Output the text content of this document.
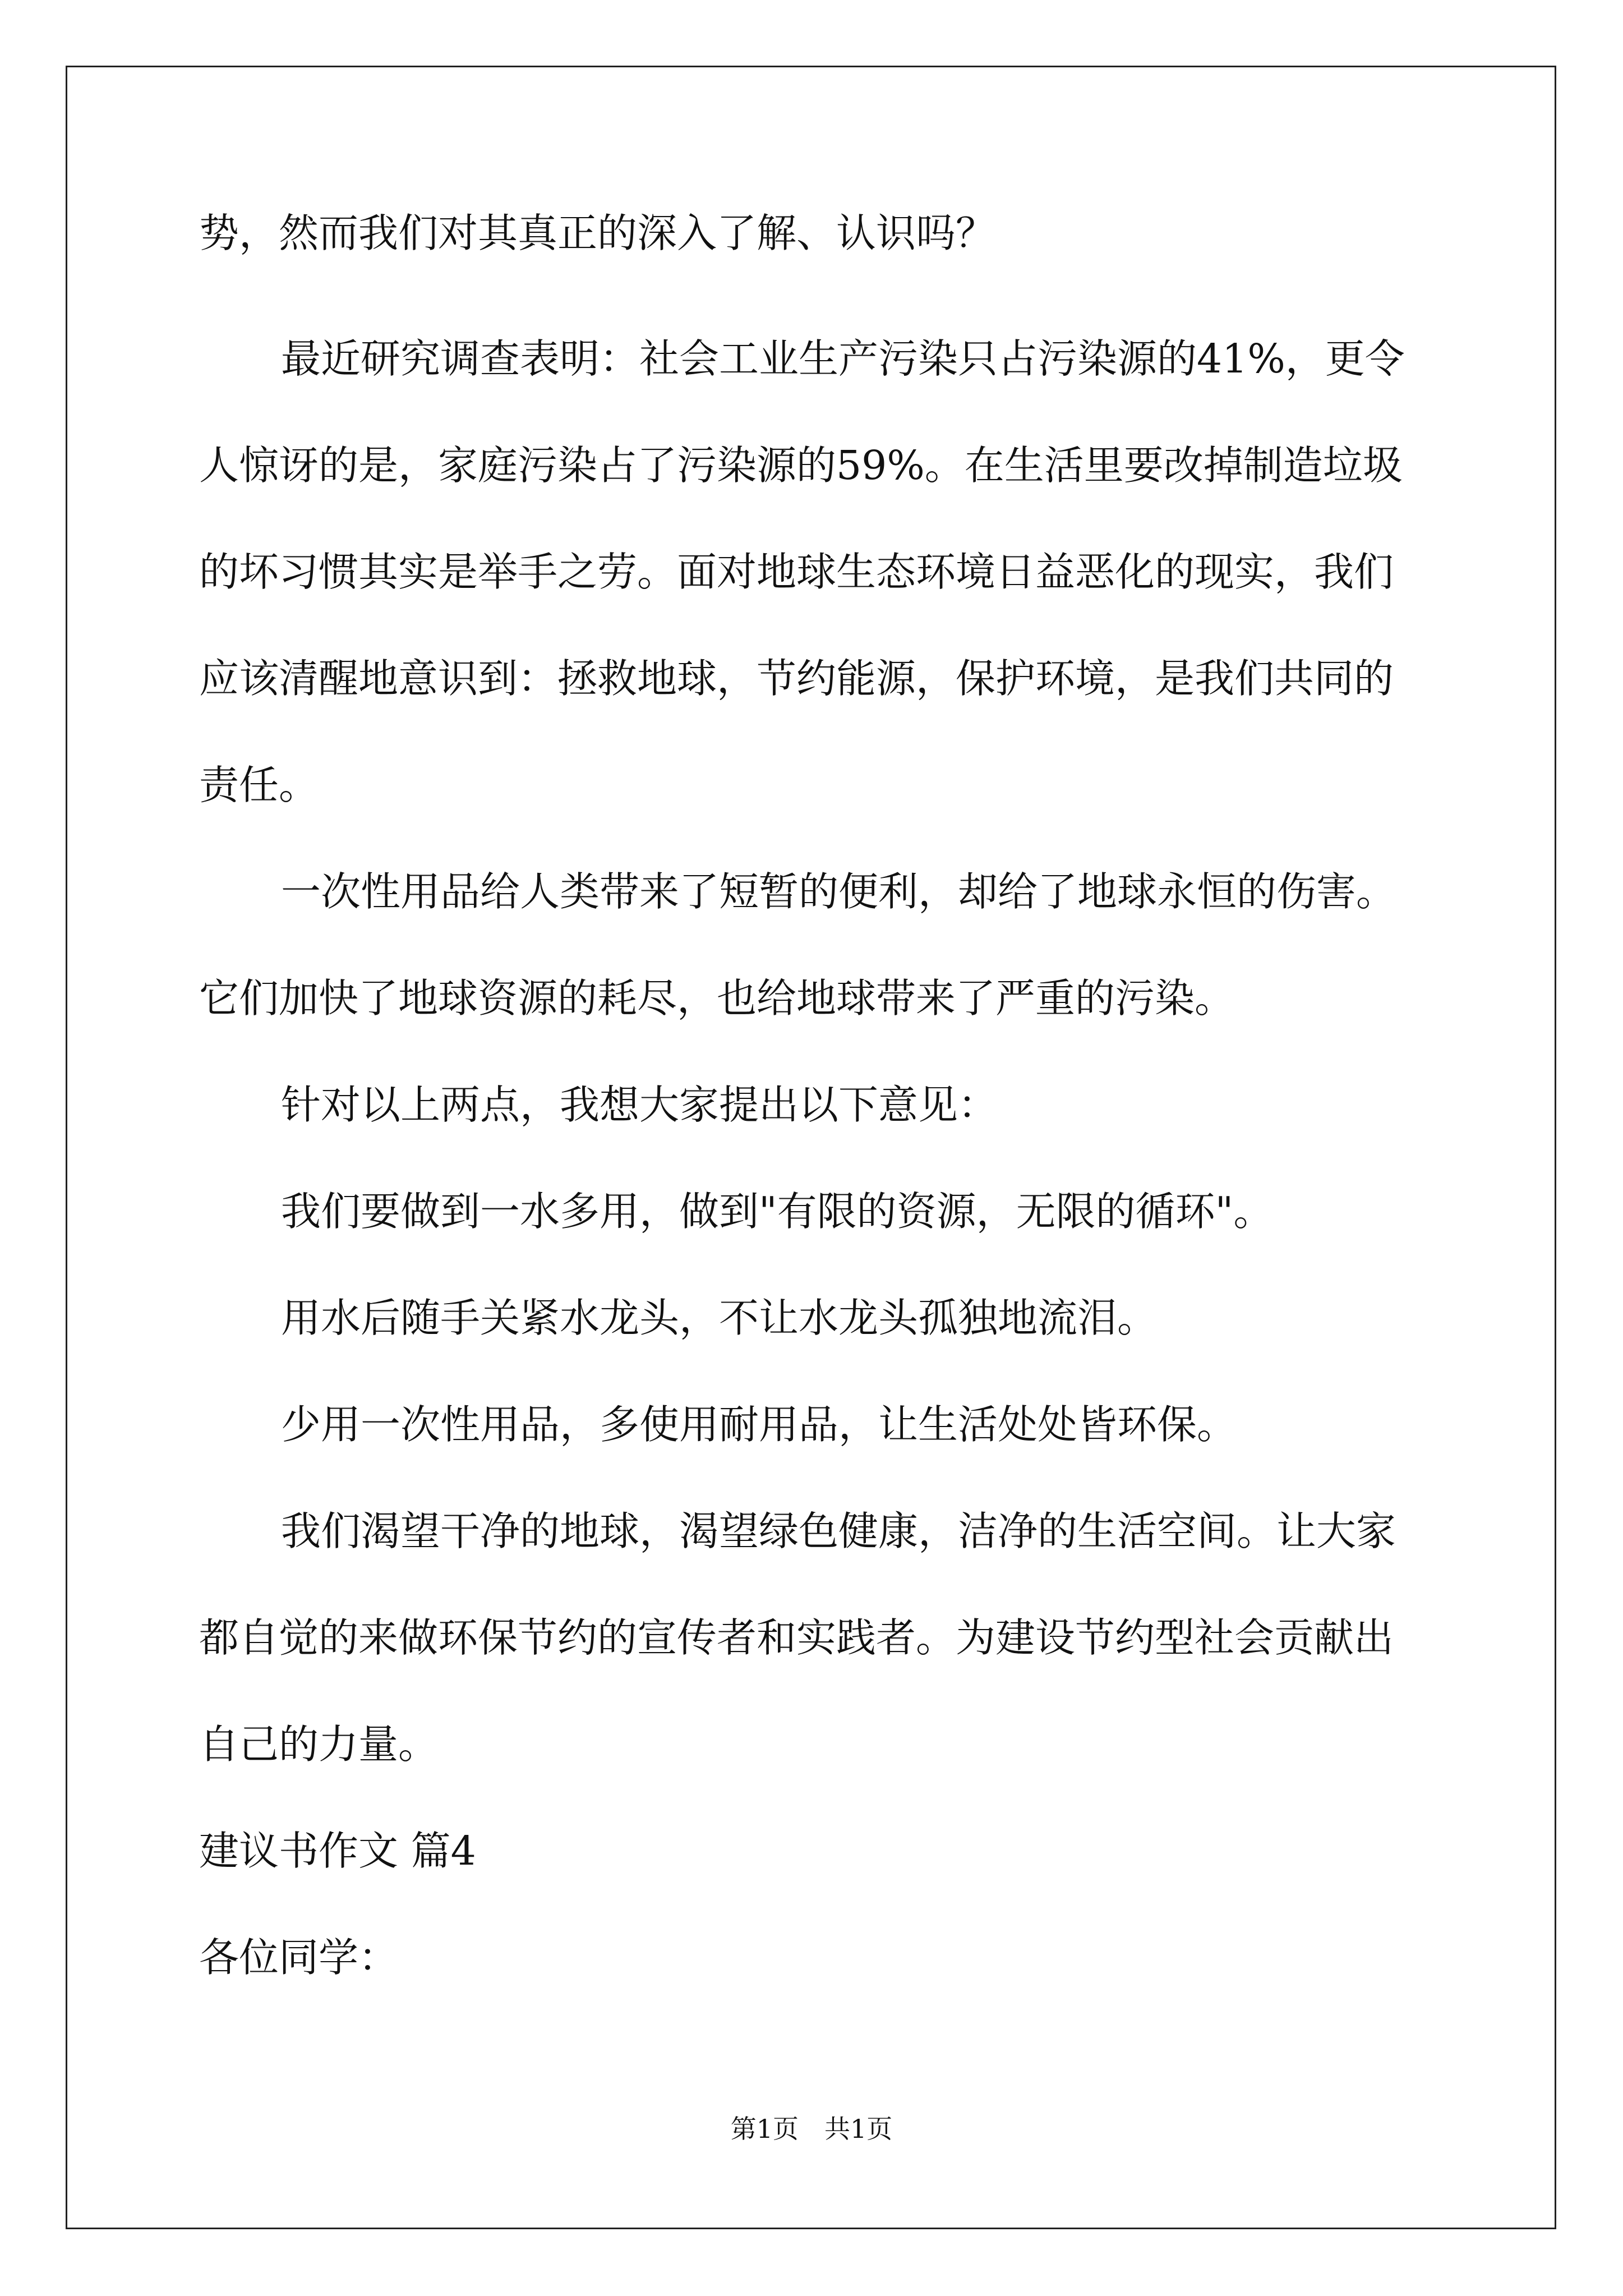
势，然而我们对其真正的深入了解、认识吗？
最近研究调查表明：社会工业生产污染只占污染源的41%，更令
人惊讶的是，家庭污染占了污染源的59%。在生活里要改掉制造垃圾
的坏习惯其实是举手之劳。面对地球生态环境日益恶化的现实，我们
应该清醒地意识到：拯救地球，节约能源，保护环境，是我们共同的
责任。
一次性用品给人类带来了短暂的便利，却给了地球永恒的伤害。
它们加快了地球资源的耗尽，也给地球带来了严重的污染。
针对以上两点，我想大家提出以下意见：
我们要做到一水多用，做到"有限的资源，无限的循环"。
用水后随手关紧水龙头，不让水龙头孤独地流泪。
少用一次性用品，多使用耐用品，让生活处处皆环保。
我们渴望干净的地球，渴望绿色健康，洁净的生活空间。让大家
都自觉的来做环保节约的宣传者和实践者。为建设节约型社会贡献出
自己的力量。
建议书作文 篇4
各位同学：
第1页　共1页
